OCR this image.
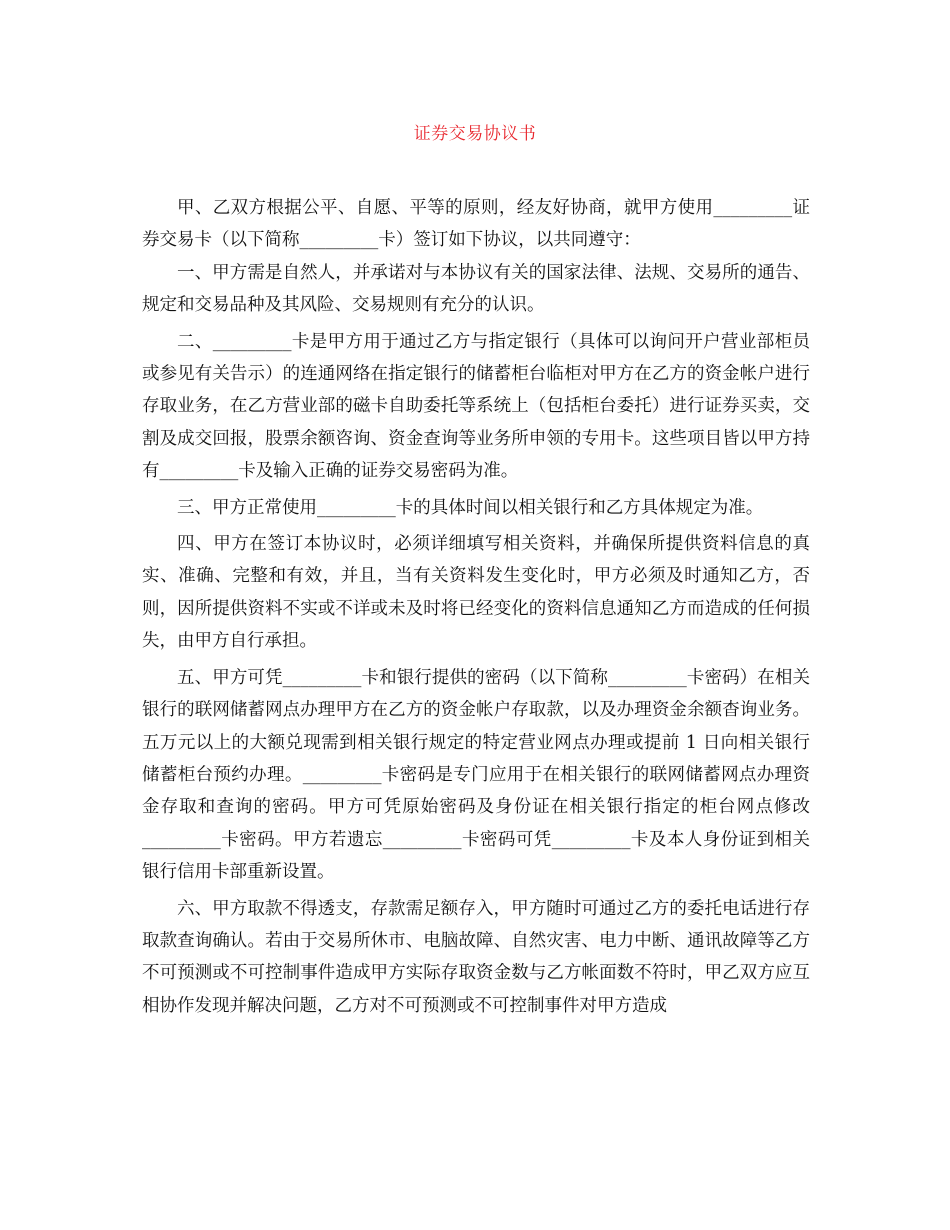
证券交易协议书

甲、乙双方根据公平、自愿、平等的原则，经友好协商，就甲方使用_________证券交易卡（以下简称_________卡）签订如下协议，以共同遵守：

一、甲方需是自然人，并承诺对与本协议有关的国家法律、法规、交易所的通告、规定和交易品种及其风险、交易规则有充分的认识。

二、_________卡是甲方用于通过乙方与指定银行（具体可以询问开户营业部柜员或参见有关告示）的连通网络在指定银行的储蓄柜台临柜对甲方在乙方的资金帐户进行存取业务，在乙方营业部的磁卡自助委托等系统上（包括柜台委托）进行证券买卖，交割及成交回报，股票余额咨询、资金查询等业务所申领的专用卡。这些项目皆以甲方持有_________卡及输入正确的证券交易密码为准。

三、甲方正常使用_________卡的具体时间以相关银行和乙方具体规定为准。

四、甲方在签订本协议时，必须详细填写相关资料，并确保所提供资料信息的真实、准确、完整和有效，并且，当有关资料发生变化时，甲方必须及时通知乙方，否则，因所提供资料不实或不详或未及时将已经变化的资料信息通知乙方而造成的任何损失，由甲方自行承担。

五、甲方可凭_________卡和银行提供的密码（以下简称_________卡密码）在相关银行的联网储蓄网点办理甲方在乙方的资金帐户存取款，以及办理资金余额杳询业务。五万元以上的大额兑现需到相关银行规定的特定营业网点办理或提前 1 日向相关银行储蓄柜台预约办理。_________卡密码是专门应用于在相关银行的联网储蓄网点办理资金存取和查询的密码。甲方可凭原始密码及身份证在相关银行指定的柜台网点修改_________卡密码。甲方若遗忘_________卡密码可凭_________卡及本人身份证到相关银行信用卡部重新设置。

六、甲方取款不得透支，存款需足额存入，甲方随时可通过乙方的委托电话进行存取款查询确认。若由于交易所休市、电脑故障、自然灾害、电力中断、通讯故障等乙方不可预测或不可控制事件造成甲方实际存取资金数与乙方帐面数不符时，甲乙双方应互相协作发现并解决问题，乙方对不可预测或不可控制事件对甲方造成
